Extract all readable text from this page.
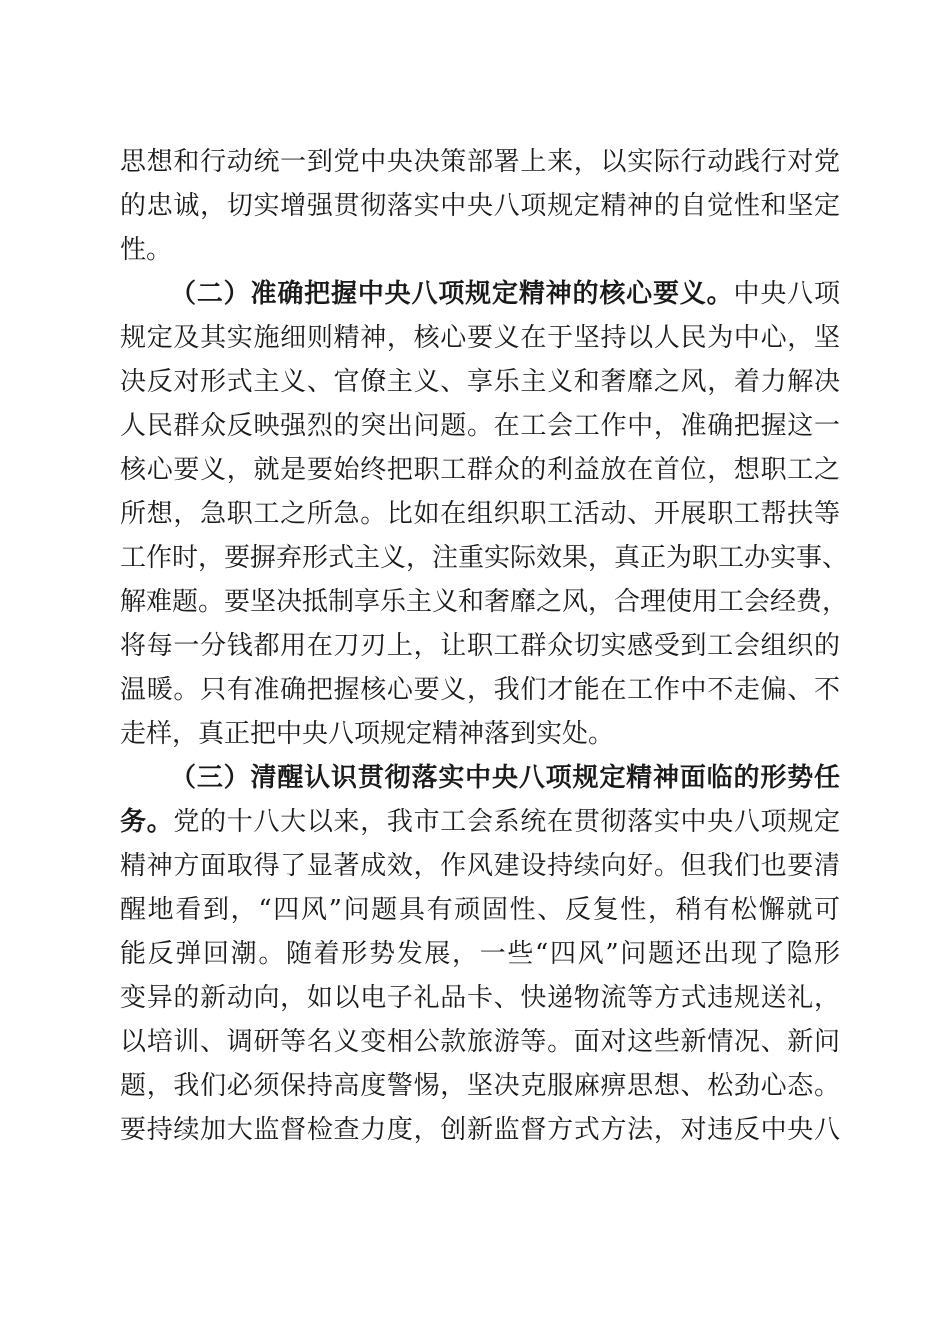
思想和行动统一到党中央决策部署上来，以实际行动践行对党
的忠诚，切实增强贯彻落实中央八项规定精神的自觉性和坚定
性。
（二）准确把握中央八项规定精神的核心要义。中央八项
规定及其实施细则精神，核心要义在于坚持以人民为中心，坚
决反对形式主义、官僚主义、享乐主义和奢靡之风，着力解决
人民群众反映强烈的突出问题。在工会工作中，准确把握这一
核心要义，就是要始终把职工群众的利益放在首位，想职工之
所想，急职工之所急。比如在组织职工活动、开展职工帮扶等
工作时，要摒弃形式主义，注重实际效果，真正为职工办实事、
解难题。要坚决抵制享乐主义和奢靡之风，合理使用工会经费，
将每一分钱都用在刀刃上，让职工群众切实感受到工会组织的
温暖。只有准确把握核心要义，我们才能在工作中不走偏、不
走样，真正把中央八项规定精神落到实处。
（三）清醒认识贯彻落实中央八项规定精神面临的形势任
务。党的十八大以来，我市工会系统在贯彻落实中央八项规定
精神方面取得了显著成效，作风建设持续向好。但我们也要清
醒地看到，“四风”问题具有顽固性、反复性，稍有松懈就可
能反弹回潮。随着形势发展，一些“四风”问题还出现了隐形
变异的新动向，如以电子礼品卡、快递物流等方式违规送礼，
以培训、调研等名义变相公款旅游等。面对这些新情况、新问
题，我们必须保持高度警惕，坚决克服麻痹思想、松劲心态。
要持续加大监督检查力度，创新监督方式方法，对违反中央八
